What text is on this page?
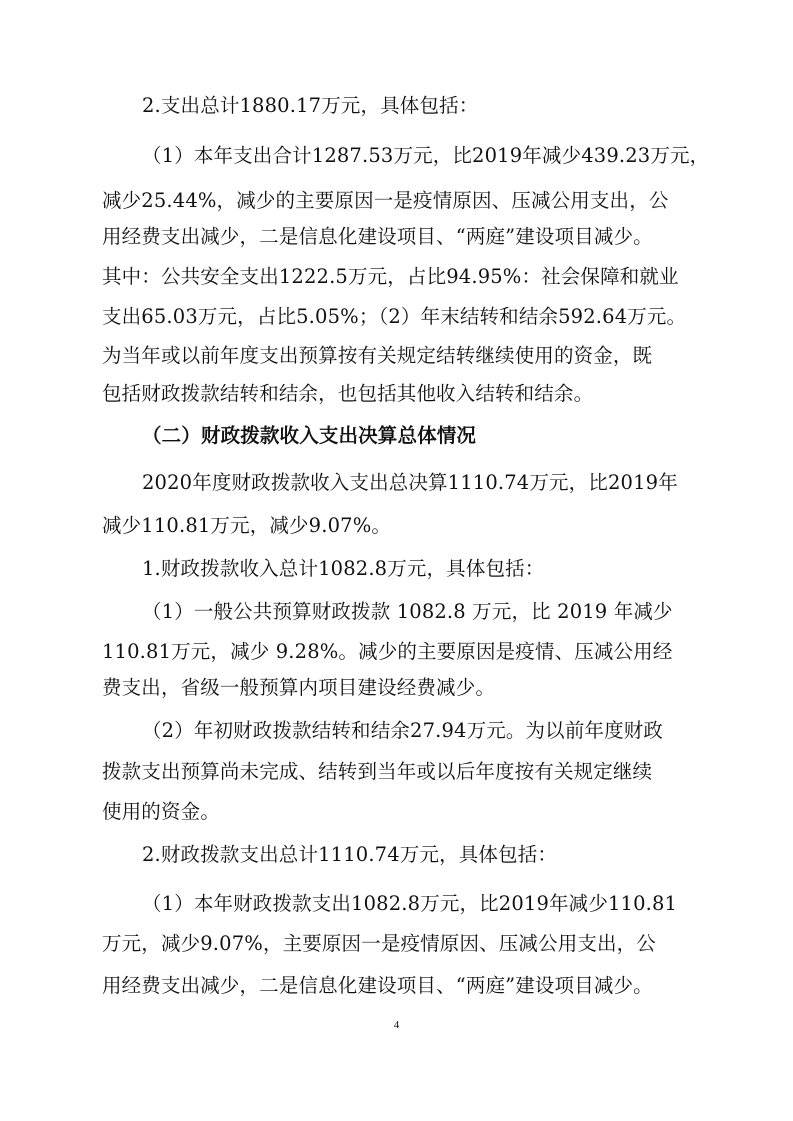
2.支出总计1880.17万元，具体包括：
（1）本年支出合计1287.53万元，比2019年减少439.23万元，
减少25.44%，减少的主要原因一是疫情原因、压减公用支出，公
用经费支出减少，二是信息化建设项目、“两庭”建设项目减少。
其中：公共安全支出1222.5万元，占比94.95%：社会保障和就业
支出65.03万元，占比5.05%；（2）年末结转和结余592.64万元。
为当年或以前年度支出预算按有关规定结转继续使用的资金，既
包括财政拨款结转和结余，也包括其他收入结转和结余。
（二）财政拨款收入支出决算总体情况
2020年度财政拨款收入支出总决算1110.74万元，比2019年
减少110.81万元，减少9.07%。
1.财政拨款收入总计1082.8万元，具体包括：
（1）一般公共预算财政拨款 1082.8 万元，比 2019 年减少
110.81万元，减少 9.28%。减少的主要原因是疫情、压减公用经
费支出，省级一般预算内项目建设经费减少。
（2）年初财政拨款结转和结余27.94万元。为以前年度财政
拨款支出预算尚未完成、结转到当年或以后年度按有关规定继续
使用的资金。
2.财政拨款支出总计1110.74万元，具体包括：
（1）本年财政拨款支出1082.8万元，比2019年减少110.81
万元，减少9.07%，主要原因一是疫情原因、压减公用支出，公
用经费支出减少，二是信息化建设项目、“两庭”建设项目减少。
4
